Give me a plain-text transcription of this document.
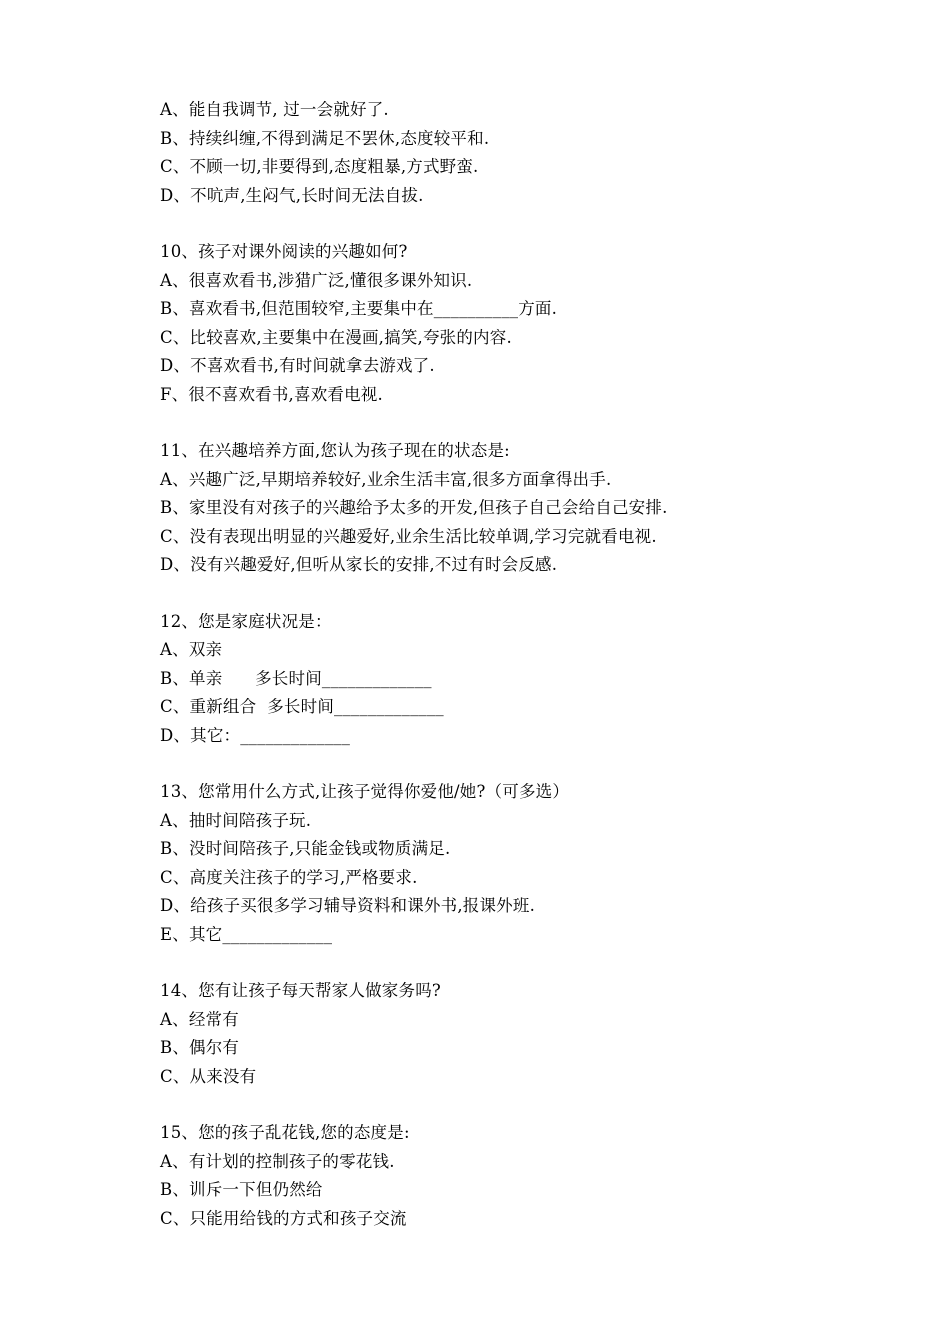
A、能自我调节, 过一会就好了.
B、持续纠缠,不得到满足不罢休,态度较平和.
C、不顾一切,非要得到,态度粗暴,方式野蛮.
D、不吭声,生闷气,长时间无法自拔.
10、孩子对课外阅读的兴趣如何?
A、很喜欢看书,涉猎广泛,懂很多课外知识.
B、喜欢看书,但范围较窄,主要集中在__________方面.
C、比较喜欢,主要集中在漫画,搞笑,夸张的内容.
D、不喜欢看书,有时间就拿去游戏了.
F、很不喜欢看书,喜欢看电视.
11、在兴趣培养方面,您认为孩子现在的状态是:
A、兴趣广泛,早期培养较好,业余生活丰富,很多方面拿得出手.
B、家里没有对孩子的兴趣给予太多的开发,但孩子自己会给自己安排.
C、没有表现出明显的兴趣爱好,业余生活比较单调,学习完就看电视.
D、没有兴趣爱好,但听从家长的安排,不过有时会反感.
12、您是家庭状况是：
A、双亲
B、单亲      多长时间_____________
C、重新组合  多长时间_____________
D、其它：_____________
13、您常用什么方式,让孩子觉得你爱他/她?（可多选）
A、抽时间陪孩子玩.
B、没时间陪孩子,只能金钱或物质满足.
C、高度关注孩子的学习,严格要求.
D、给孩子买很多学习辅导资料和课外书,报课外班.
E、其它_____________
14、您有让孩子每天帮家人做家务吗?
A、经常有
B、偶尔有
C、从来没有
15、您的孩子乱花钱,您的态度是:
A、有计划的控制孩子的零花钱.
B、训斥一下但仍然给
C、只能用给钱的方式和孩子交流
